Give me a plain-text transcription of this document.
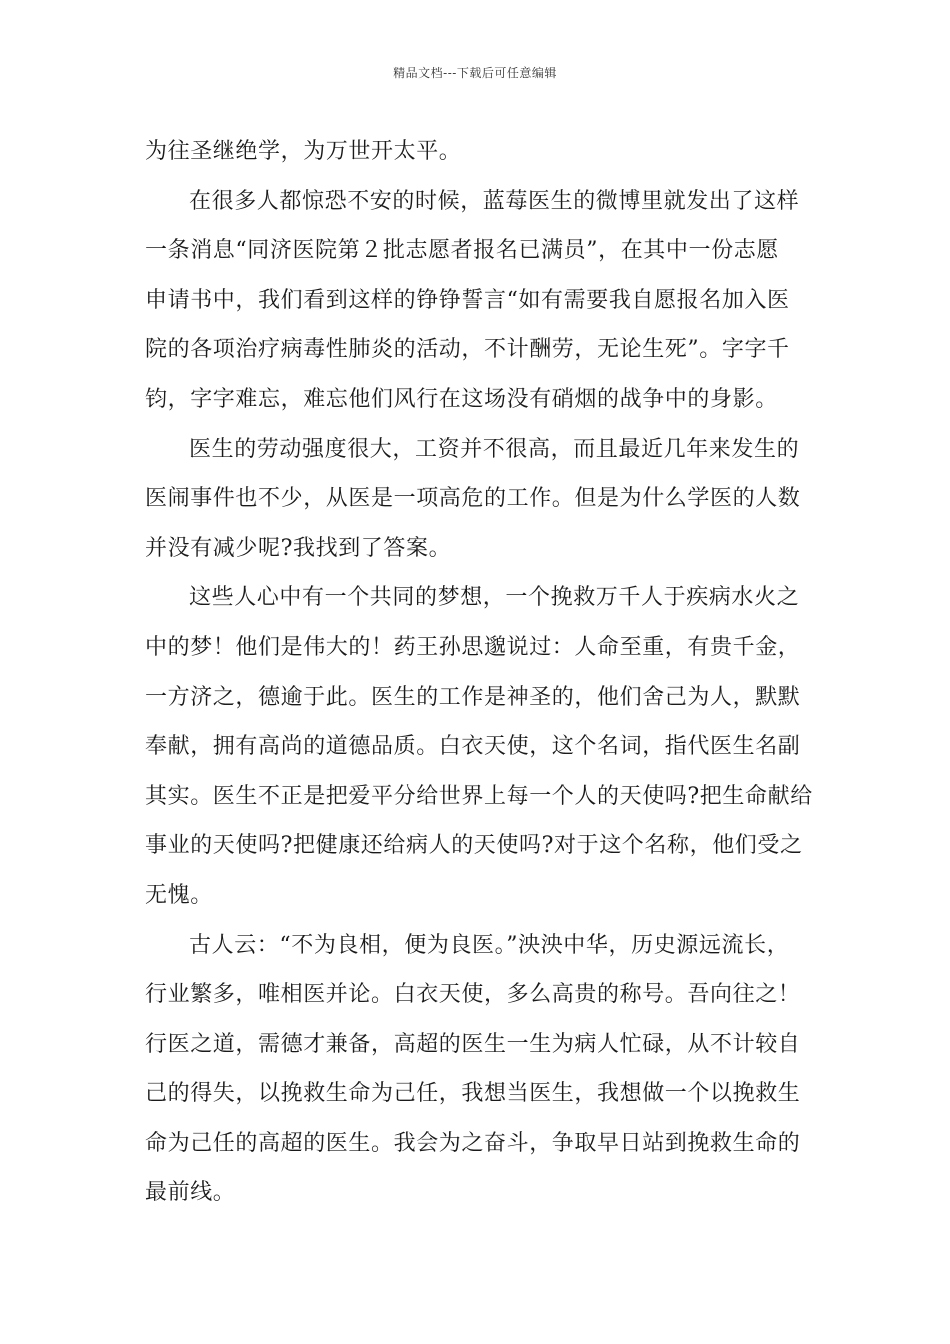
精品文档---下载后可任意编辑
为往圣继绝学，为万世开太平。
在很多人都惊恐不安的时候，蓝莓医生的微博里就发出了这样
一条消息“同济医院第２批志愿者报名已满员”，在其中一份志愿
申请书中，我们看到这样的铮铮誓言“如有需要我自愿报名加入医
院的各项治疗病毒性肺炎的活动，不计酬劳，无论生死”。字字千
钧，字字难忘，难忘他们风行在这场没有硝烟的战争中的身影。
医生的劳动强度很大，工资并不很高，而且最近几年来发生的
医闹事件也不少，从医是一项高危的工作。但是为什么学医的人数
并没有减少呢?我找到了答案。
这些人心中有一个共同的梦想，一个挽救万千人于疾病水火之
中的梦！他们是伟大的！药王孙思邈说过：人命至重，有贵千金，
一方济之，德逾于此。医生的工作是神圣的，他们舍己为人，默默
奉献，拥有高尚的道德品质。白衣天使，这个名词，指代医生名副
其实。医生不正是把爱平分给世界上每一个人的天使吗?把生命献给
事业的天使吗?把健康还给病人的天使吗?对于这个名称，他们受之
无愧。
古人云：“不为良相，便为良医。”泱泱中华，历史源远流长，
行业繁多，唯相医并论。白衣天使，多么高贵的称号。吾向往之！
行医之道，需德才兼备，高超的医生一生为病人忙碌，从不计较自
己的得失，以挽救生命为己任，我想当医生，我想做一个以挽救生
命为己任的高超的医生。我会为之奋斗，争取早日站到挽救生命的
最前线。
